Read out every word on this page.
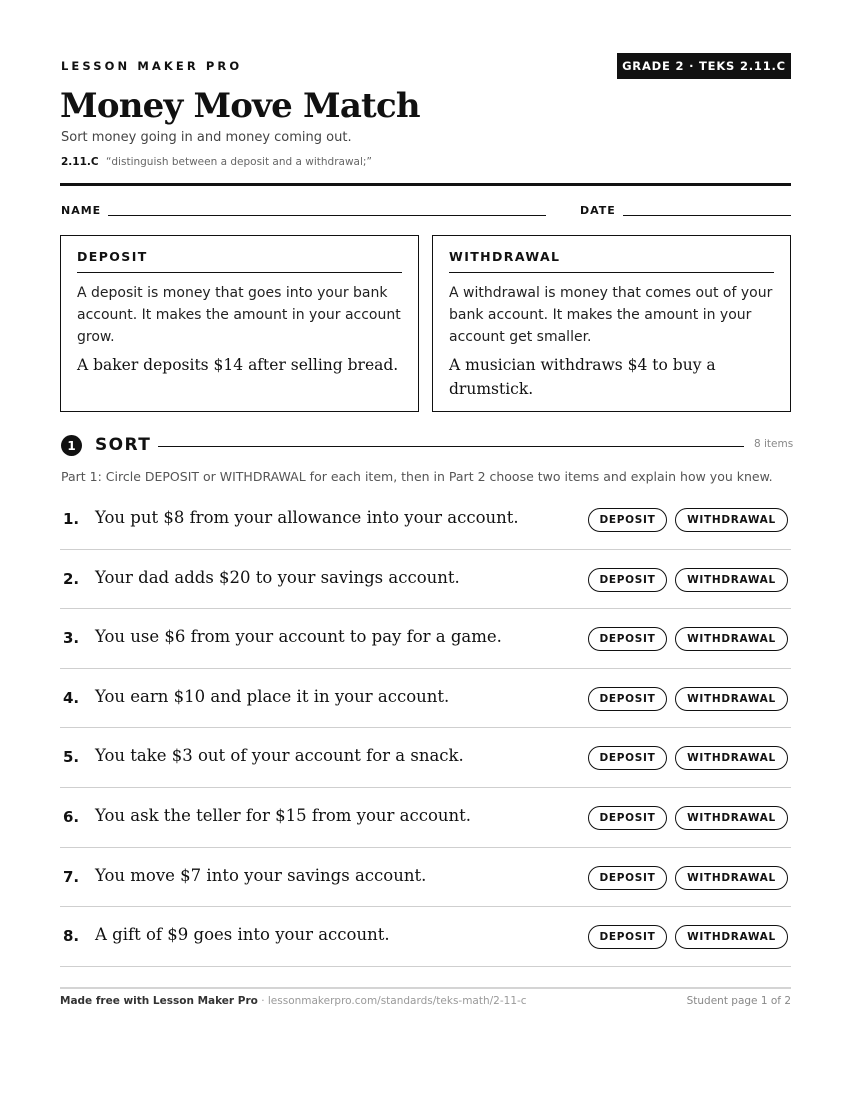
LESSON MAKER PRO	GRADE 2 · TEKS 2.11.C
Money Move Match
Sort money going in and money coming out.
2.11.C “distinguish between a deposit and a withdrawal;”
NAME	DATE
DEPOSIT
A deposit is money that goes into your bank account. It makes the amount in your account grow.
A baker deposits $14 after selling bread.
WITHDRAWAL
A withdrawal is money that comes out of your bank account. It makes the amount in your account get smaller.
A musician withdraws $4 to buy a drumstick.
1	SORT	8 items
Part 1: Circle DEPOSIT or WITHDRAWAL for each item, then in Part 2 choose two items and explain how you knew.
1. You put $8 from your allowance into your account.	DEPOSIT	WITHDRAWAL
2. Your dad adds $20 to your savings account.	DEPOSIT	WITHDRAWAL
3. You use $6 from your account to pay for a game.	DEPOSIT	WITHDRAWAL
4. You earn $10 and place it in your account.	DEPOSIT	WITHDRAWAL
5. You take $3 out of your account for a snack.	DEPOSIT	WITHDRAWAL
6. You ask the teller for $15 from your account.	DEPOSIT	WITHDRAWAL
7. You move $7 into your savings account.	DEPOSIT	WITHDRAWAL
8. A gift of $9 goes into your account.	DEPOSIT	WITHDRAWAL
Made free with Lesson Maker Pro · lessonmakerpro.com/standards/teks-math/2-11-c	Student page 1 of 2
